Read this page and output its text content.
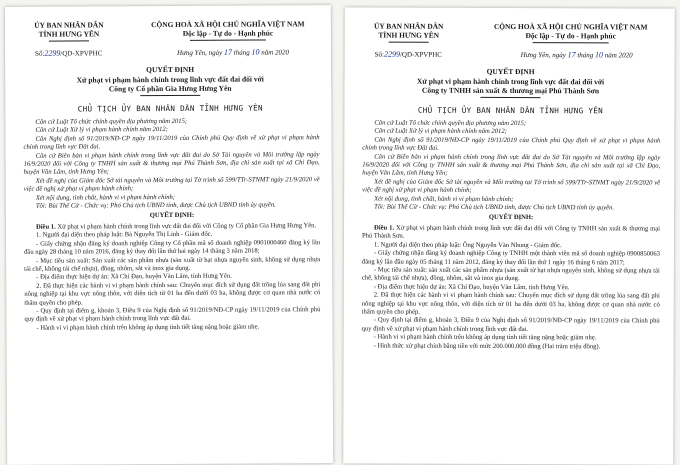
ỦY BAN NHÂN DÂN
TỈNH HƯNG YÊN
CỘNG HOÀ XÃ HỘI CHỦ NGHĨA VIỆT NAM
Độc lập - Tự do - Hạnh phúc
Số:2299/QD-XPVPHC	Hưng Yên, ngày 17 tháng 10 năm 2020
QUYẾT ĐỊNH
Xử phạt vi phạm hành chính trong lĩnh vực đất đai đối với
Công ty Cổ phần Gia Hưng Hưng Yên
CHỦ TỊCH ỦY BAN NHÂN DÂN TỈNH HƯNG YÊN

Căn cứ Luật Tổ chức chính quyền địa phương năm 2015;

Căn cứ Luật Xử lý vi phạm hành chính năm 2012;

Căn Nghị định số 91/2019/NĐ-CP ngày 19/11/2019 của Chính phủ Quy định về xử phạt vi phạm hành chính trong lĩnh vực Đất đai.

Căn cứ Biên bản vi phạm hành chính trong lĩnh vực đất đai do Sở Tài nguyên và Môi trường lập ngày 16/9/2020 đối với Công ty TNHH sản xuất & thương mại Phú Thành Sơn, địa chỉ sản xuất tại xã Chỉ Đạo, huyện Văn Lâm, tỉnh Hưng Yên;

Xét đề nghị của Giám đốc Sở tài nguyên và Môi trường tại Tờ trình số 599/TTr-STNMT ngày 21/9/2020 về việc đề nghị xử phạt vi phạm hành chính;

Xét nội dung, tình chất, hành vi vi phạm hành chính;

Tôi: Bùi Thế Cử - Chức vụ: Phó Chủ tịch UBND tỉnh, được Chủ tịch UBND tỉnh ủy quyền.

QUYẾT ĐỊNH:

Điều 1. Xử phạt vi phạm hành chính trong lĩnh vực đất đai đối với Công ty Cổ phần Gia Hưng Hưng Yên.

1. Người đại diện theo pháp luật: Bà Nguyễn Thị Linh - Giám đốc.

- Giấy chứng nhận đăng ký doanh nghiệp Công ty Cổ phần mã số doanh nghiệp 0901000460 đăng ký lần đầu ngày 28 tháng 10 năm 2016, đăng ký thay đổi lần thứ hai ngày 14 tháng 3 năm 2018;

- Mục tiêu sản xuất: Sản xuất các sản phẩm nhựa (sản xuất từ hạt nhựa nguyên sinh, không sử dụng nhựa tái chế, không tái chế nhựa), đồng, nhôm, sắt và inox gia dụng.

- Địa điểm thực hiện dự án: Xã Chỉ Đạo, huyện Văn Lâm, tỉnh Hưng Yên.

2. Đã thực hiện các hành vi vi phạm hành chính sau: Chuyển mục đích sử dụng đất trồng lúa sang đất phi nông nghiệp tại khu vực nông thôn, với diện tích từ 01 ha đến dưới 03 ha, không được cơ quan nhà nước có thẩm quyền cho phép.

- Quy định tại điểm g, khoản 3, Điều 9 của Nghị định số 91/2019/NĐ-CP ngày 19/11/2019 của Chính phủ quy định về xử phạt vi phạm hành chính trong lĩnh vực đất đai.

- Hành vi vi phạm hành chính trên không áp dụng tình tiết tăng nặng hoặc giảm nhẹ.

ỦY BAN NHÂN DÂN
TỈNH HƯNG YÊN
CỘNG HOÀ XÃ HỘI CHỦ NGHĨA VIỆT NAM
Độc lập - Tự do - Hạnh phúc
Số:2299/QD-XPVPHC	Hưng Yên, ngày 17 tháng 10 năm 2020
QUYẾT ĐỊNH
Xử phạt vi phạm hành chính trong lĩnh vực đất đai đối với
Công ty TNHH sản xuất & thương mại Phú Thành Sơn
CHỦ TỊCH ỦY BAN NHÂN DÂN TỈNH HƯNG YÊN

Căn cứ Luật Tổ chức chính quyền địa phương năm 2015;

Căn cứ Luật Xử lý vi phạm hành chính năm 2012;

Căn Nghị định số 91/2019/NĐ-CP ngày 19/11/2019 của Chính phủ Quy định về xử phạt vi phạm hành chính trong lĩnh vực Đất đai.

Căn cứ Biên bản vi phạm hành chính trong lĩnh vực đất đai do Sở Tài nguyên và Môi trường lập ngày 16/9/2020 đối với Công ty TNHH sản xuất & thương mại Phú Thành Sơn, địa chỉ sản xuất tại xã Chỉ Đạo, huyện Văn Lâm, tỉnh Hưng Yên;

Xét đề nghị của Giám đốc Sở tài nguyên và Môi trường tại Tờ trình số 599/TTr-STNMT ngày 21/9/2020 về việc đề nghị xử phạt vi phạm hành chính;

Xét nội dung, tình chất, hành vi vi phạm hành chính;

Tôi: Bùi Thế Cử - Chức vụ: Phó Chủ tịch UBND tỉnh, được Chủ tịch UBND tỉnh ủy quyền.

QUYẾT ĐỊNH:

Điều 1. Xử phạt vi phạm hành chính trong lĩnh vực đất đai đối với Công ty TNHH sản xuất & thương mại Phú Thành Sơn.

1. Người đại diện theo pháp luật: Ông Nguyễn Văn Nhung - Giám đốc.

- Giấy chứng nhận đăng ký doanh nghiệp Công ty TNHH một thành viên mã số doanh nghiệp 0900850063 đăng ký lần đầu ngày 05 tháng 11 năm 2012, đăng ký thay đổi lần thứ 1 ngày 16 tháng 6 năm 2017;

- Mục tiêu sản xuất: sản xuất các sản phẩm nhựa (sản xuất từ hạt nhựa nguyên sinh, không sử dụng nhựa tái chế, không tái chế nhựa), đồng, nhôm, sắt và inox gia dụng.

- Địa điểm thực hiện dự án: Xã Chỉ Đạo, huyện Văn Lâm, tỉnh Hưng Yên.

2. Đã thực hiện các hành vi vi phạm hành chính sau: Chuyển mục đích sử dụng đất trồng lúa sang đất phi nông nghiệp tại khu vực nông thôn, với diện tích từ 01 ha đến dưới 03 ha, không được cơ quan nhà nước có thẩm quyền cho phép.

- Quy định tại điểm g, khoản 3, Điều 9 của Nghị định số 91/2019/NĐ-CP ngày 19/11/2019 của Chính phủ quy định về xử phạt vi phạm hành chính trong lĩnh vực đất đai.

- Hành vi vi phạm hành chính trên không áp dụng tình tiết tăng nặng hoặc giảm nhẹ.

- Hình thức xử phạt chính bằng tiền với mức 200.000.000 đồng (Hai trăm triệu đồng).
